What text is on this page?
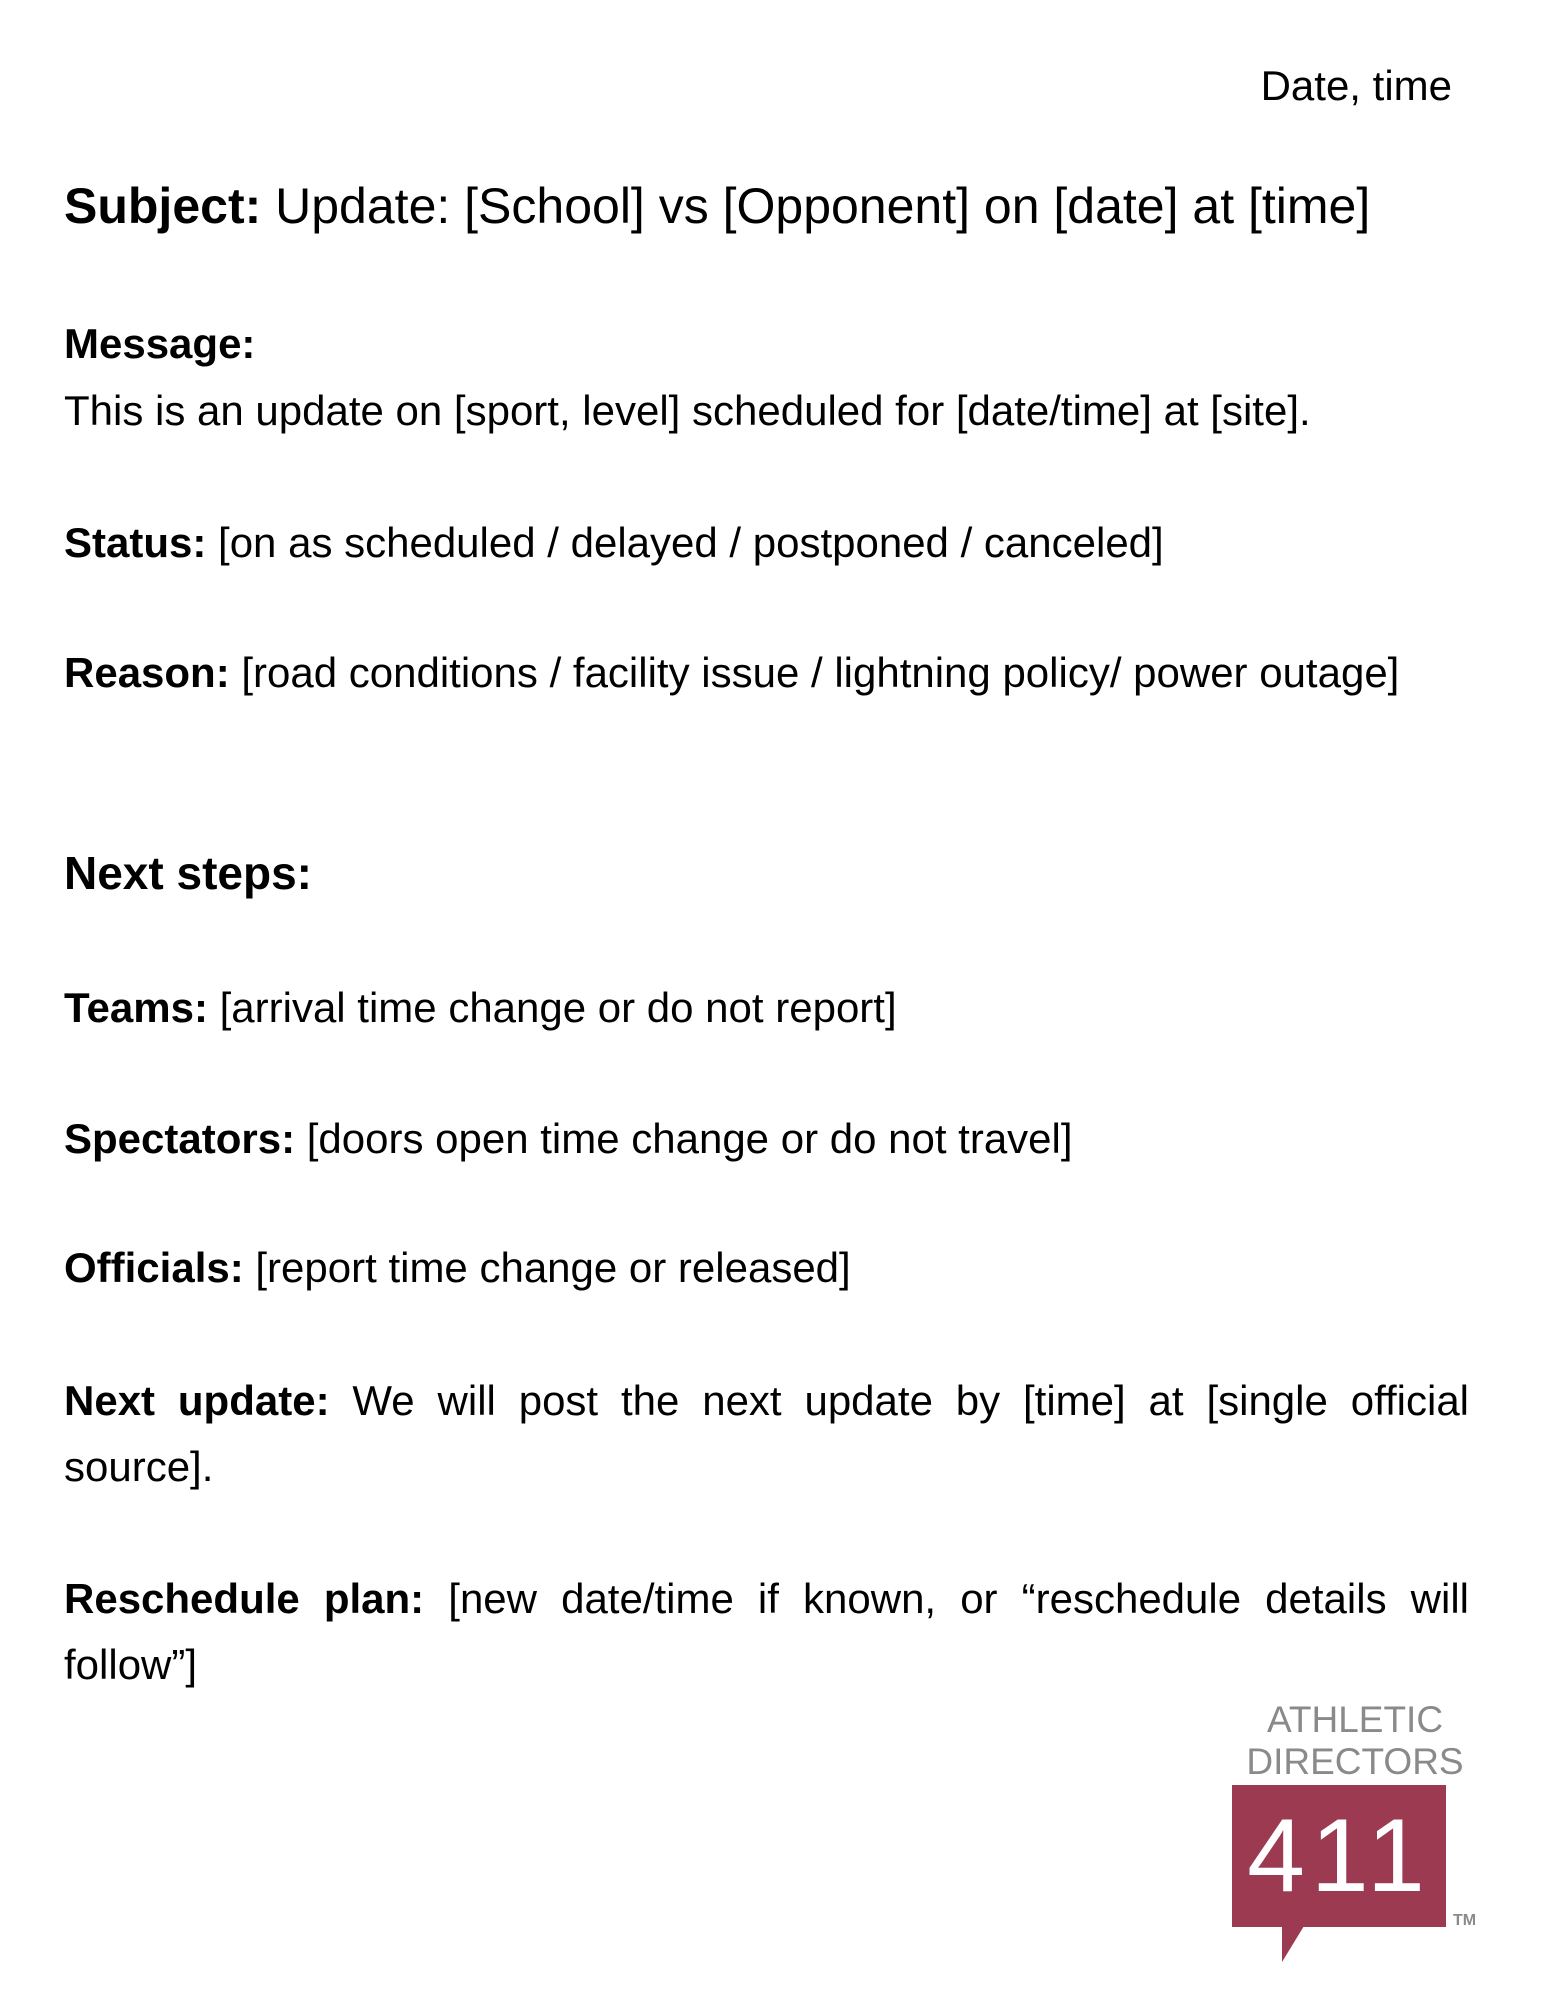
Date, time
Subject: Update: [School] vs [Opponent] on [date] at [time]
Message:
This is an update on [sport, level] scheduled for [date/time] at [site].
Status: [on as scheduled / delayed / postponed / canceled]
Reason: [road conditions / facility issue / lightning policy/ power outage]
Next steps:
Teams: [arrival time change or do not report]
Spectators: [doors open time change or do not travel]
Officials: [report time change or released]
Next update: We will post the next update by [time] at [single official source].
Reschedule plan: [new date/time if known, or “reschedule details will follow”]
ATHLETIC
DIRECTORS
411
TM
